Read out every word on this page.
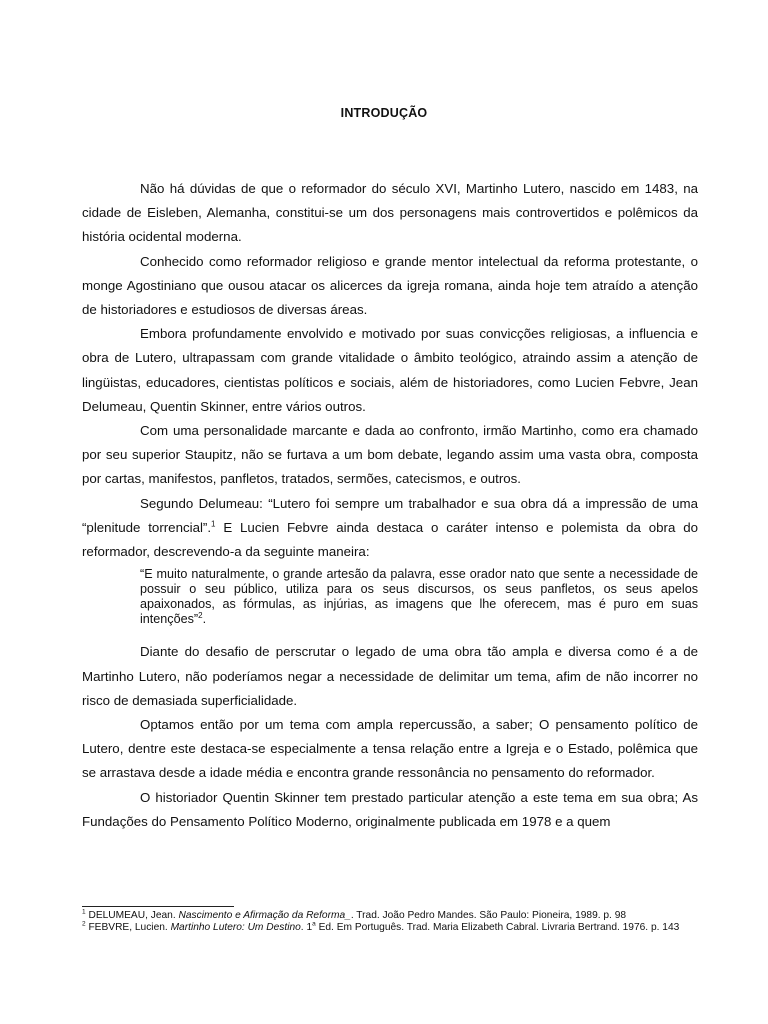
INTRODUÇÃO

Não há dúvidas de que o reformador do século XVI, Martinho Lutero, nascido em 1483, na cidade de Eisleben, Alemanha, constitui-se um dos personagens mais controvertidos e polêmicos da história ocidental moderna.

Conhecido como reformador religioso e grande mentor intelectual da reforma protestante, o monge Agostiniano que ousou atacar os alicerces da igreja romana, ainda hoje tem atraído a atenção de historiadores e estudiosos de diversas áreas.

Embora profundamente envolvido e motivado por suas convicções religiosas, a influencia e obra de Lutero, ultrapassam com grande vitalidade o âmbito teológico, atraindo assim a atenção de lingüistas, educadores, cientistas políticos e sociais, além de historiadores, como Lucien Febvre, Jean Delumeau, Quentin Skinner, entre vários outros.

Com uma personalidade marcante e dada ao confronto, irmão Martinho, como era chamado por seu superior Staupitz, não se furtava a um bom debate, legando assim uma vasta obra, composta por cartas, manifestos, panfletos, tratados, sermões, catecismos, e outros.

Segundo Delumeau: “Lutero foi sempre um trabalhador e sua obra dá a impressão de uma “plenitude torrencial”.$^1$ E Lucien Febvre ainda destaca o caráter intenso e polemista da obra do reformador, descrevendo-a da seguinte maneira:

“E muito naturalmente, o grande artesão da palavra, esse orador nato que sente a necessidade de possuir o seu público, utiliza para os seus discursos, os seus panfletos, os seus apelos apaixonados, as fórmulas, as injúrias, as imagens que lhe oferecem, mas é puro em suas intenções”$^2$.

Diante do desafio de perscrutar o legado de uma obra tão ampla e diversa como é a de Martinho Lutero, não poderíamos negar a necessidade de delimitar um tema, afim de não incorrer no risco de demasiada superficialidade.

Optamos então por um tema com ampla repercussão, a saber; O pensamento político de Lutero, dentre este destaca-se especialmente a tensa relação entre a Igreja e o Estado, polêmica que se arrastava desde a idade média e encontra grande ressonância no pensamento do reformador.

O historiador Quentin Skinner tem prestado particular atenção a este tema em sua obra; As Fundações do Pensamento Político Moderno, originalmente publicada em 1978 e a quem

$^1$ DELUMEAU, Jean. Nascimento e Afirmação da Reforma_. Trad. João Pedro Mandes. São Paulo: Pioneira, 1989. p. 98

$^2$ FEBVRE, Lucien. Martinho Lutero: Um Destino. 1$^a$ Ed. Em Português. Trad. Maria Elizabeth Cabral. Livraria Bertrand. 1976. p. 143
